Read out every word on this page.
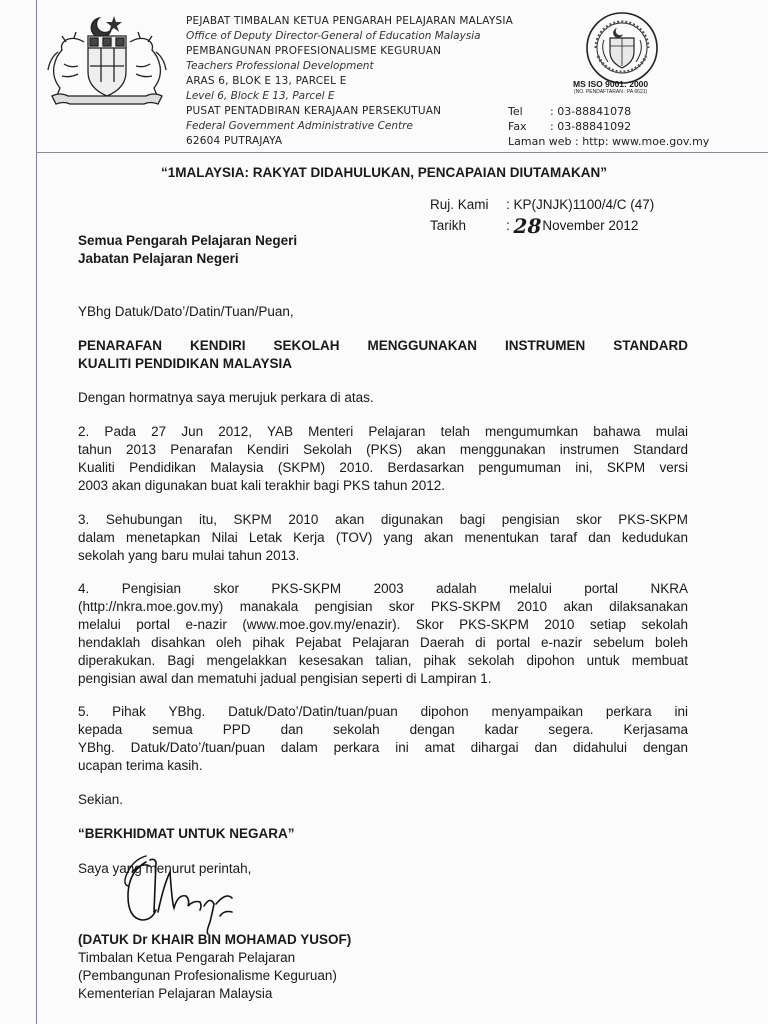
PEJABAT TIMBALAN KETUA PENGARAH PELAJARAN MALAYSIA
Office of Deputy Director-General of Education Malaysia
PEMBANGUNAN PROFESIONALISME KEGURUAN
Teachers Professional Development
ARAS 6, BLOK E 13, PARCEL E
Level 6, Block E 13, Parcel E
PUSAT PENTADBIRAN KERAJAAN PERSEKUTUAN
Federal Government Administrative Centre
62604 PUTRAJAYA
MS ISO 9001: 2000
(NO. PENDAFTARAN : PA 6621)
Tel : 03-88841078
Fax : 03-88841092
Laman web : http: www.moe.gov.my
“1MALAYSIA: RAKYAT DIDAHULUKAN, PENCAPAIAN DIUTAMAKAN”
Ruj. Kami : KP(JNJK)1100/4/C (47)
Tarikh	: 28November 2012
Semua Pengarah Pelajaran Negeri
Jabatan Pelajaran Negeri
YBhg Datuk/Dato’/Datin/Tuan/Puan,
PENARAFAN KENDIRI SEKOLAH MENGGUNAKAN INSTRUMEN STANDARD
KUALITI PENDIDIKAN MALAYSIA
Dengan hormatnya saya merujuk perkara di atas.
2. Pada 27 Jun 2012, YAB Menteri Pelajaran telah mengumumkan bahawa mulai
tahun 2013 Penarafan Kendiri Sekolah (PKS) akan menggunakan instrumen Standard
Kualiti Pendidikan Malaysia (SKPM) 2010. Berdasarkan pengumuman ini, SKPM versi
2003 akan digunakan buat kali terakhir bagi PKS tahun 2012.
3. Sehubungan itu, SKPM 2010 akan digunakan bagi pengisian skor PKS-SKPM
dalam menetapkan Nilai Letak Kerja (TOV) yang akan menentukan taraf dan kedudukan
sekolah yang baru mulai tahun 2013.
4. Pengisian skor PKS-SKPM 2003 adalah melalui portal NKRA
(http://nkra.moe.gov.my) manakala pengisian skor PKS-SKPM 2010 akan dilaksanakan
melalui portal e-nazir (www.moe.gov.my/enazir). Skor PKS-SKPM 2010 setiap sekolah
hendaklah disahkan oleh pihak Pejabat Pelajaran Daerah di portal e-nazir sebelum boleh
diperakukan. Bagi mengelakkan kesesakan talian, pihak sekolah dipohon untuk membuat
pengisian awal dan mematuhi jadual pengisian seperti di Lampiran 1.
5. Pihak YBhg. Datuk/Dato’/Datin/tuan/puan dipohon menyampaikan perkara ini
kepada semua PPD dan sekolah dengan kadar segera. Kerjasama
YBhg. Datuk/Dato’/tuan/puan dalam perkara ini amat dihargai dan didahului dengan
ucapan terima kasih.
Sekian.
“BERKHIDMAT UNTUK NEGARA”
Saya yang menurut perintah,
(DATUK Dr KHAIR BIN MOHAMAD YUSOF)
Timbalan Ketua Pengarah Pelajaran
(Pembangunan Profesionalisme Keguruan)
Kementerian Pelajaran Malaysia
